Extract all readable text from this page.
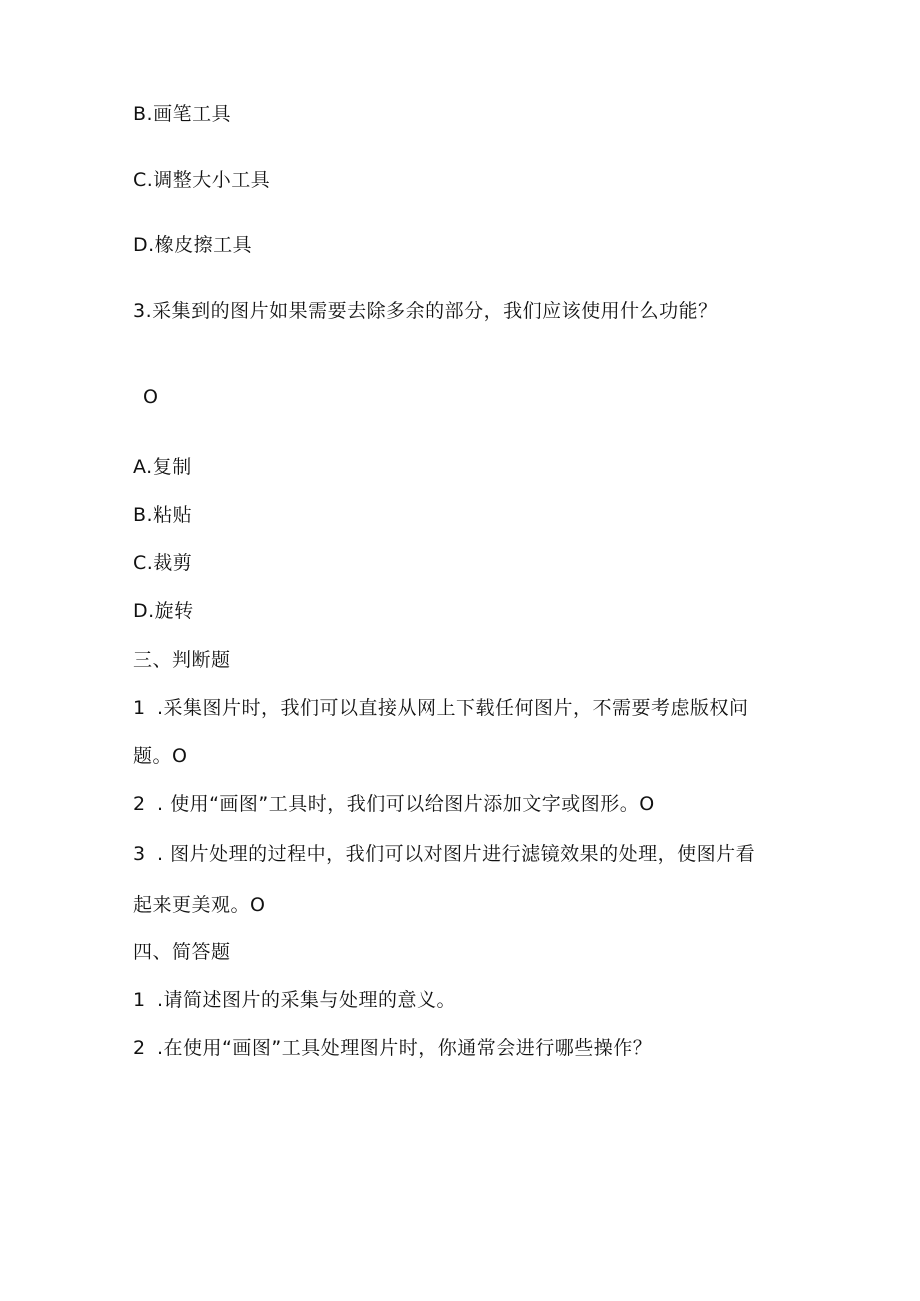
B.画笔工具
C.调整大小工具
D.橡皮擦工具
3.采集到的图片如果需要去除多余的部分，我们应该使用什么功能？
O
A.复制
B.粘贴
C.裁剪
D.旋转
三、判断题
1 .采集图片时，我们可以直接从网上下载任何图片，不需要考虑版权问
题。O
2 . 使用“画图”工具时，我们可以给图片添加文字或图形。O
3 . 图片处理的过程中，我们可以对图片进行滤镜效果的处理，使图片看
起来更美观。O
四、简答题
1 .请简述图片的采集与处理的意义。
2 .在使用“画图”工具处理图片时，你通常会进行哪些操作？
